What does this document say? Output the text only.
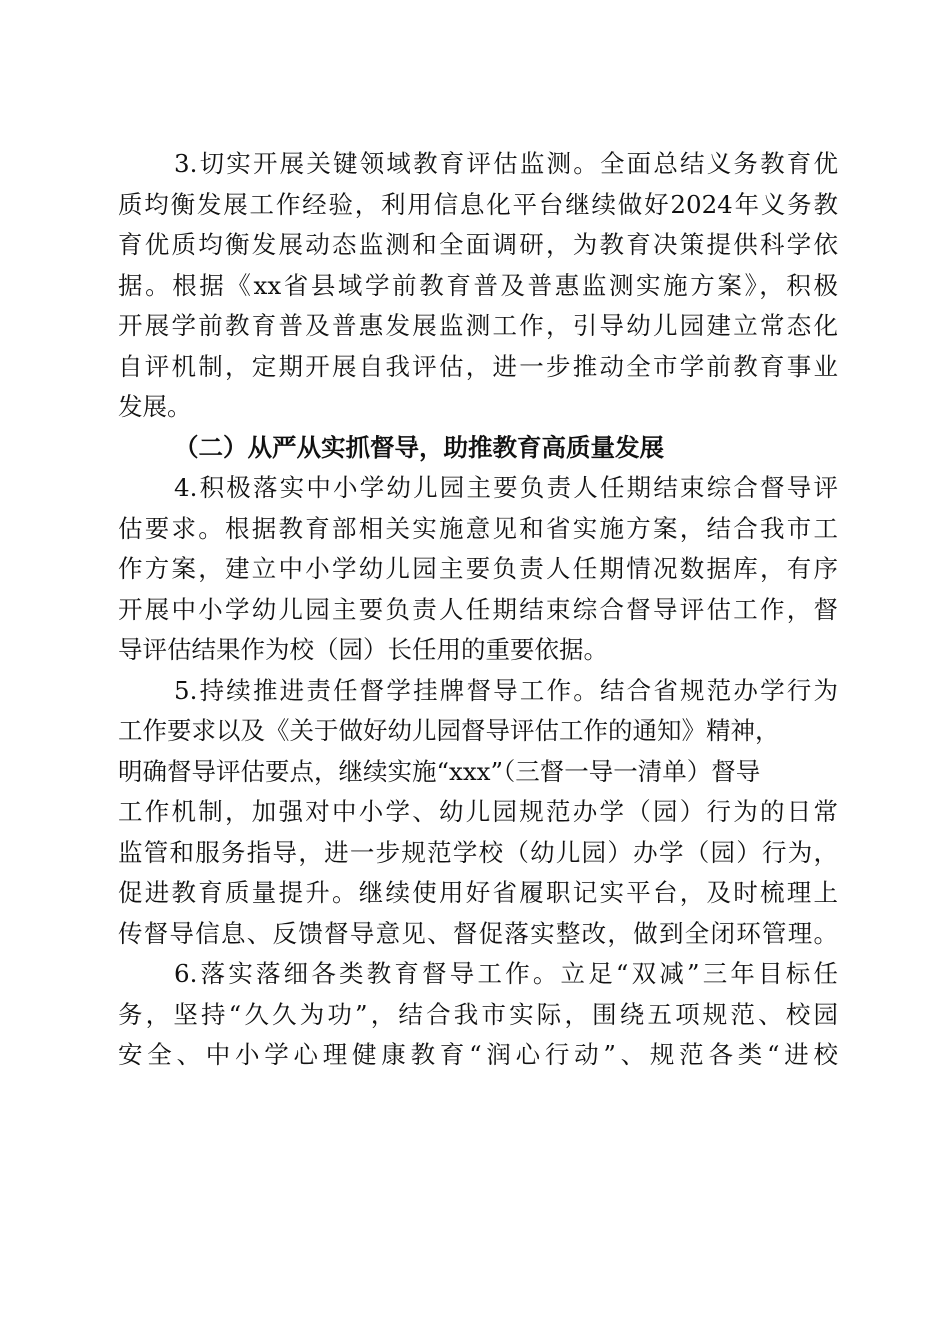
3.切实开展关键领域教育评估监测。全面总结义务教育优
质均衡发展工作经验，利用信息化平台继续做好2024年义务教
育优质均衡发展动态监测和全面调研，为教育决策提供科学依
据。根据《xx省县域学前教育普及普惠监测实施方案》，积极
开展学前教育普及普惠发展监测工作，引导幼儿园建立常态化
自评机制，定期开展自我评估，进一步推动全市学前教育事业
发展。

（二）从严从实抓督导，助推教育高质量发展

4.积极落实中小学幼儿园主要负责人任期结束综合督导评
估要求。根据教育部相关实施意见和省实施方案，结合我市工
作方案，建立中小学幼儿园主要负责人任期情况数据库，有序
开展中小学幼儿园主要负责人任期结束综合督导评估工作，督
导评估结果作为校（园）长任用的重要依据。

5.持续推进责任督学挂牌督导工作。结合省规范办学行为
工作要求以及《关于做好幼儿园督导评估工作的通知》精神，
明确督导评估要点，继续实施“xxx”（三督一导一清单）督导
工作机制，加强对中小学、幼儿园规范办学（园）行为的日常
监管和服务指导，进一步规范学校（幼儿园）办学（园）行为，
促进教育质量提升。继续使用好省履职记实平台，及时梳理上
传督导信息、反馈督导意见、督促落实整改，做到全闭环管理。

6.落实落细各类教育督导工作。立足“双减”三年目标任
务，坚持“久久为功”，结合我市实际，围绕五项规范、校园
安全、中小学心理健康教育“润心行动”、规范各类“进校
